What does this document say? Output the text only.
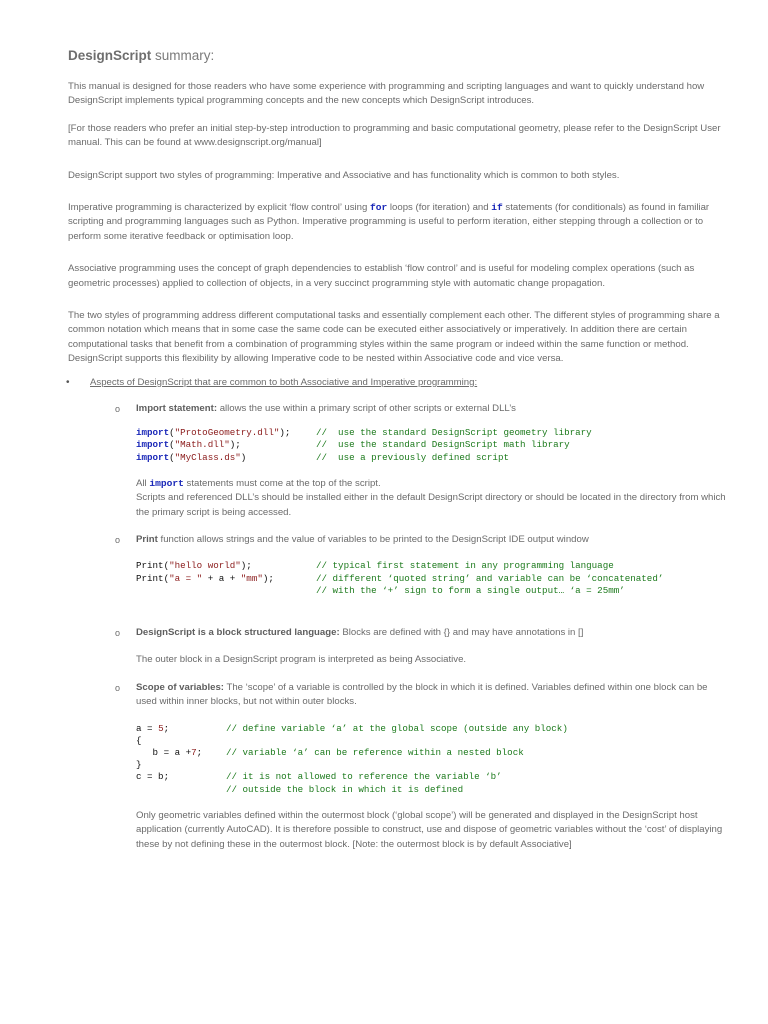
DesignScript summary:

This manual is designed for those readers who have some experience with programming and scripting languages and want to quickly understand how DesignScript implements typical programming concepts and the new concepts which DesignScript introduces.

[For those readers who prefer an initial step-by-step introduction to programming and basic computational geometry, please refer to the DesignScript User manual. This can be found at www.designscript.org/manual]

DesignScript support two styles of programming: Imperative and Associative and has functionality which is common to both styles.

Imperative programming is characterized by explicit ‘flow control’ using for loops (for iteration) and if statements (for conditionals) as found in familiar scripting and programming languages such as Python. Imperative programming is useful to perform iteration, either stepping through a collection or to perform some iterative feedback or optimisation loop.

Associative programming uses the concept of graph dependencies to establish ‘flow control’ and is useful for modeling complex operations (such as geometric processes) applied to collection of objects, in a very succinct programming style with automatic change propagation.

The two styles of programming address different computational tasks and essentially complement each other. The different styles of programming share a common notation which means that in some case the same code can be executed either associatively or imperatively. In addition there are certain computational tasks that benefit from a combination of programming styles within the same program or indeed within the same function or method. DesignScript supports this flexibility by allowing Imperative code to be nested within Associative code and vice versa.

• Aspects of DesignScript that are common to both Associative and Imperative programming:
o Import statement: allows the use within a primary script of other scripts or external DLL’s
import("ProtoGeometry.dll");	//  use the standard DesignScript geometry library
import("Math.dll");	//  use the standard DesignScript math library
import("MyClass.ds")	//  use a previously defined script
All import statements must come at the top of the script.
Scripts and referenced DLL’s should be installed either in the default DesignScript directory or should be located in the directory from which the primary script is being accessed.
o Print function allows strings and the value of variables to be printed to the DesignScript IDE output window
Print("hello world");	// typical first statement in any programming language
Print("a = " + a + "mm");	// different ‘quoted string’ and variable can be ‘concatenated’
// with the ‘+’ sign to form a single output… ‘a = 25mm’
o DesignScript is a block structured language: Blocks are defined with {} and may have annotations in []
The outer block in a DesignScript program is interpreted as being Associative.
o Scope of variables: The ‘scope’ of a variable is controlled by the block in which it is defined. Variables defined within one block can be used within inner blocks, but not within outer blocks.
a = 5;	// define variable ‘a’ at the global scope (outside any block)
{
b = a +7;	// variable ‘a’ can be reference within a nested block
}
c = b;	// it is not allowed to reference the variable ‘b’
// outside the block in which it is defined
Only geometric variables defined within the outermost block (‘global scope’) will be generated and displayed in the DesignScript host application (currently AutoCAD). It is therefore possible to construct, use and dispose of geometric variables without the ‘cost’ of displaying these by not defining these in the outermost block. [Note: the outermost block is by default Associative]
